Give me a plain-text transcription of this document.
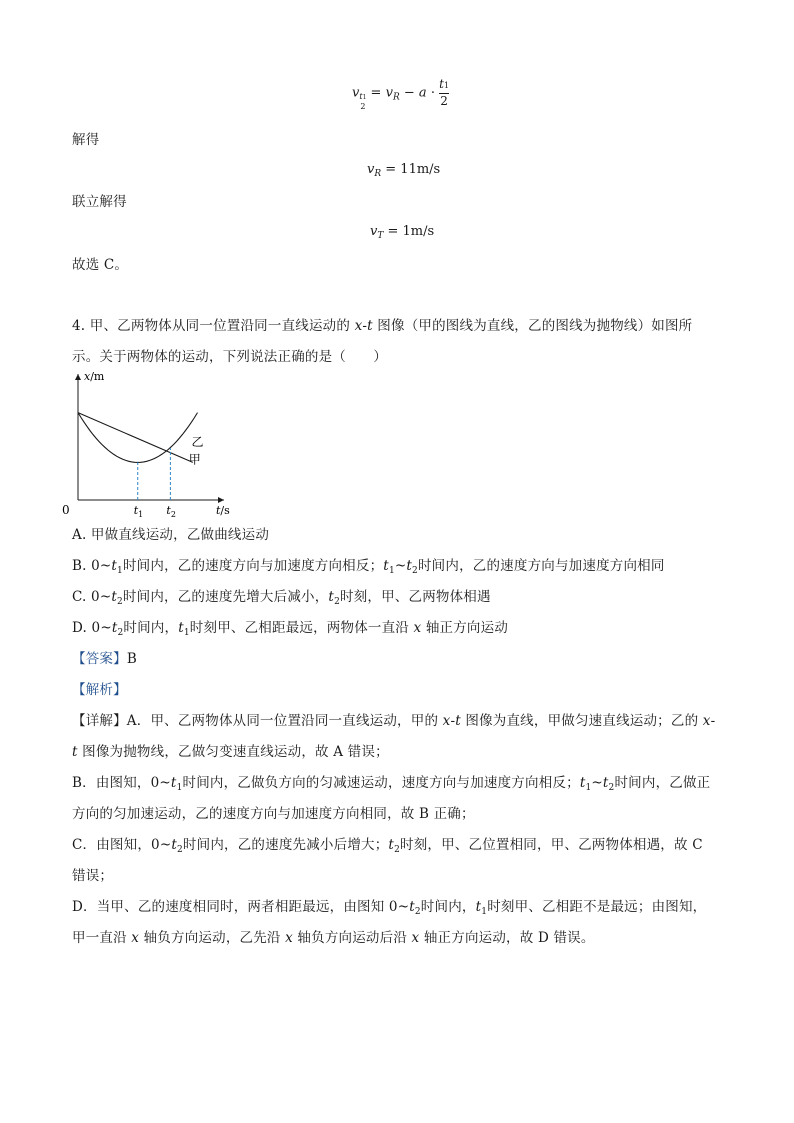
vt1
$2 = v_R - a \cdot \frac{t1}{2}$
解得
$v_R = 11m/s$
联立解得
$v_T = 1m/s$
故选 C。
4. 甲、乙两物体从同一位置沿同一直线运动的 x-t 图像（甲的图线为直线，乙的图线为抛物线）如图所
示。关于两物体的运动，下列说法正确的是（　　）
乙
甲
x/m
t/s
0	$t_1$ $t_2$
A. 甲做直线运动，乙做曲线运动
B. $0\sim t_1$时间内，乙的速度方向与加速度方向相反；$t_1\sim t_2$时间内，乙的速度方向与加速度方向相同
C. $0\sim t_2$时间内，乙的速度先增大后减小，$t_2$时刻，甲、乙两物体相遇
D. $0\sim t_2$时间内，$t_1$时刻甲、乙相距最远，两物体一直沿 x 轴正方向运动
【答案】B
【解析】
【详解】A．甲、乙两物体从同一位置沿同一直线运动，甲的 x-t 图像为直线，甲做匀速直线运动；乙的 x-
t 图像为抛物线，乙做匀变速直线运动，故 A 错误；
B．由图知，$0\sim t_1$时间内，乙做负方向的匀减速运动，速度方向与加速度方向相反；$t_1\sim t_2$时间内，乙做正
方向的匀加速运动，乙的速度方向与加速度方向相同，故 B 正确；
C．由图知，$0\sim t_2$时间内，乙的速度先减小后增大；$t_2$时刻，甲、乙位置相同，甲、乙两物体相遇，故 C
错误；
D．当甲、乙的速度相同时，两者相距最远，由图知 $0\sim t_2$时间内，$t_1$时刻甲、乙相距不是最远；由图知，
甲一直沿 x 轴负方向运动，乙先沿 x 轴负方向运动后沿 x 轴正方向运动，故 D 错误。
